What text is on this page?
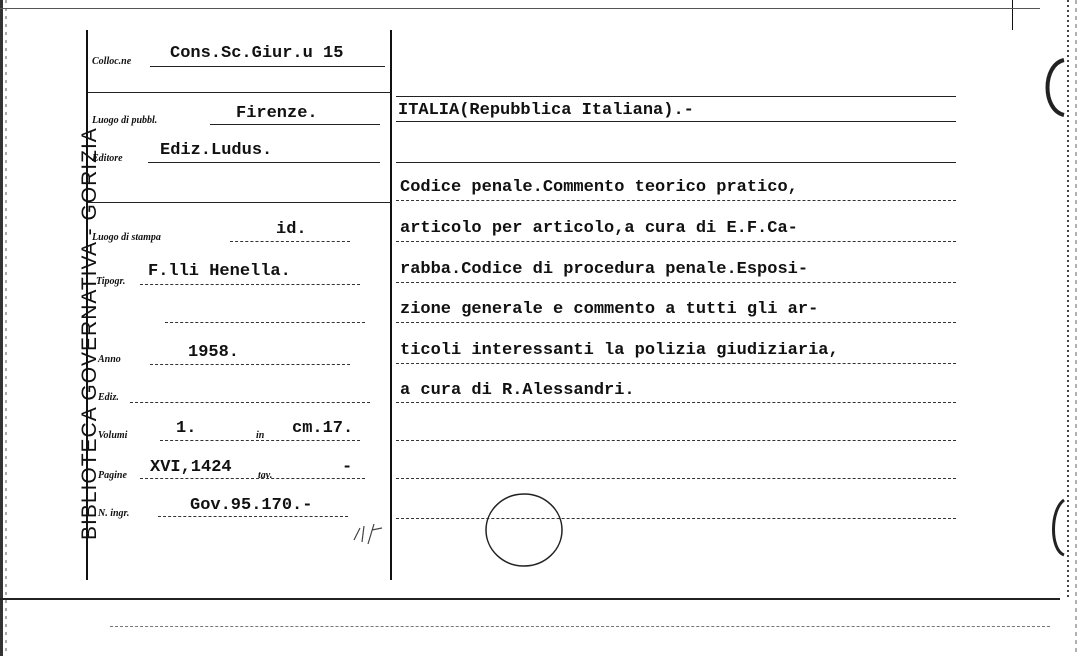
BIBLIOTECA GOVERNATIVA - GORIZIA
Colloc.ne Cons.Sc.Giur.u 15
Luogo di pubbl.	Firenze.
Editore Ediz.Ludus.
Luogo di stampa	id.
Tipogr.
F.lli Henella.
Anno	1958.
Ediz.
Volumi	1.	in cm.17.
Pagine XVI,1424	tav.	-
N. ingr.	Gov.95.170.-
ITALIA(Repubblica Italiana).-
Codice penale.Commento teorico pratico,
articolo per articolo,a cura di E.F.Ca-
rabba.Codice di procedura penale.Esposi-
zione generale e commento a tutti gli ar-
ticoli interessanti la polizia giudiziaria,
a cura di R.Alessandri.
